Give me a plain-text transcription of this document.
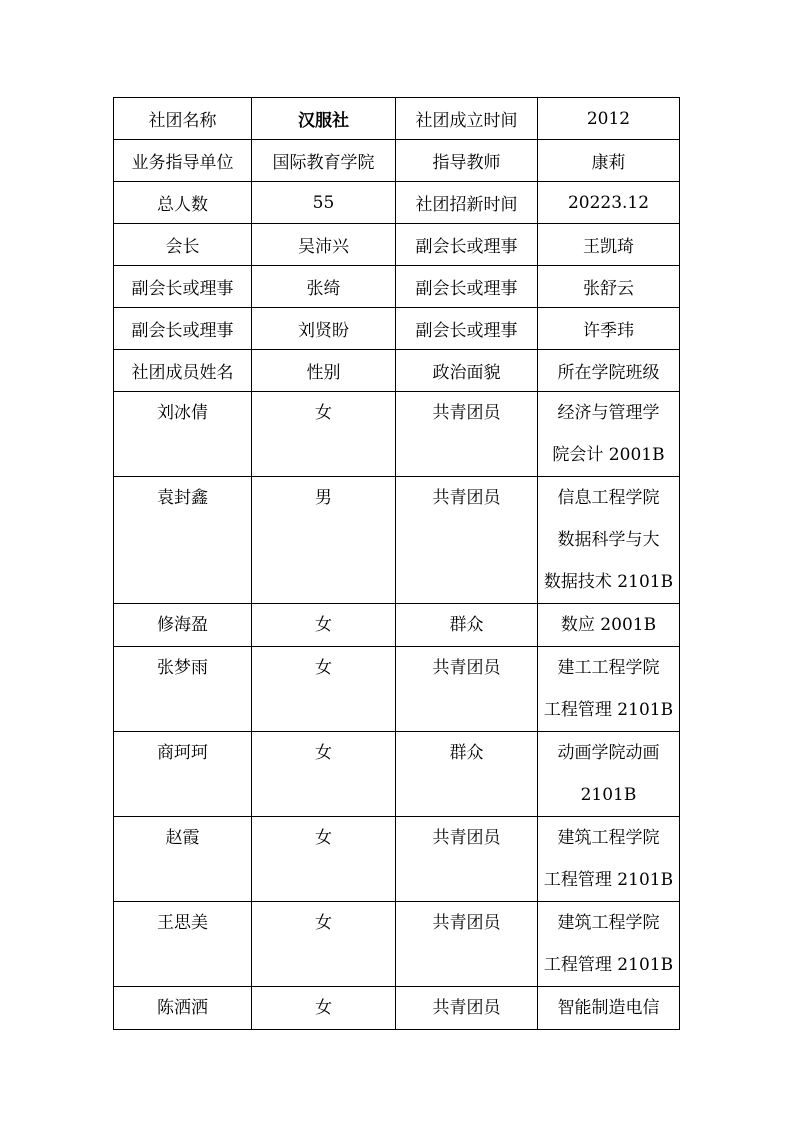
社团名称	汉服社	社团成立时间	2012
业务指导单位	国际教育学院	指导教师	康莉
总人数	55	社团招新时间	20223.12
会长	吴沛兴	副会长或理事	王凯琦
副会长或理事	张绮	副会长或理事	张舒云
副会长或理事	刘贤盼	副会长或理事	许季玮
社团成员姓名	性别	政治面貌	所在学院班级

刘冰倩	女	共青团员	经济与管理学
院会计 2001B

袁封鑫	男	共青团员	信息工程学院
数据科学与大
数据技术 2101B

修海盈	女	群众	数应 2001B

张梦雨	女	共青团员	建工工程学院
工程管理 2101B

商珂珂	女	群众	动画学院动画
2101B

赵霞	女	共青团员	建筑工程学院
工程管理 2101B

王思美	女	共青团员	建筑工程学院
工程管理 2101B

陈洒洒	女	共青团员	智能制造电信
